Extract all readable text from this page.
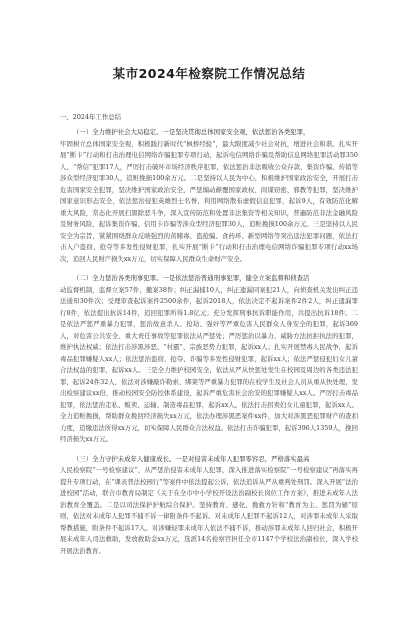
某市2024年检察院工作情况总结
一、2024年工作总结
（一）全力维护社会大局稳定。一是坚决贯彻总体国家安全观，依法惩治各类犯罪，
牢固树立总体国家安全观，积极践行新时代“枫桥经验”，最大限度减少社会对抗，增进社会和谐。扎实开展“断卡”行动和打击治理电信网络诈骗犯罪专项行动，起诉电信网络诈骗及帮助信息网络犯罪活动罪350人、“帮信”犯罪17人，严厉打击破坏市场经济秩序犯罪，依法惩治非法吸收公众存款、集资诈骗、传销等涉众型经济犯罪30人，追赃挽损100余万元。二是坚持以人民为中心，积极维护国家政治安全，开展打击危害国家安全犯罪，坚决维护国家政治安全，严惩煽动颠覆国家政权、间谍窃密、邪教等犯罪，坚决维护国家意识形态安全，依法惩治侵犯英雄烈士名誉、利用网络散布虚假信息犯罪，起诉9人，有效防范化解重大风险，常态化开展扫黑除恶斗争，深入宣传防范和处置非法集资等相关知识，普遍防范非法金融风险及财务风险，起诉集资诈骗、信用卡诈骗等涉众型经济犯罪30人，追赃挽损100余万元。三是坚持以人民安全为宗旨，紧紧围绕群众反映强烈的黄赌毒、盗抢骗、食药环、新型网络等突出违法犯罪问题，依法打击入户盗窃、抢夺等多发性侵财犯罪，扎实开展“断卡”行动和打击治理电信网络诈骗犯罪专项行动xx场次，追回人民财产损失xx万元，切实保障人民群众生命财产安全。
（二）全力惩治各类刑事犯罪。一是依法惩治普通刑事犯罪，健全立案监督和侦查活
动监督机制，监督立案57件，撤案38件；纠正漏捕10人，纠正遗漏同案犯21人，向侦查机关发出纠正违法通知30件次；受理审查起诉案件2500余件，起诉2018人，依法决定不起诉案件2件2人，纠正遗漏罪行8件，依法提出抗诉14件，追回犯罪所得1.8亿元；充分发挥刑事抗诉职能作用，共提出抗诉18件。二是依法严惩严重暴力犯罪，惩治故意杀人、抢劫、强奸等严重危害人民群众人身安全的犯罪，起诉369人，对危害公共安全、重大责任事故等犯罪依法从严惩处；严厉惩治以暴力、威胁方法抗拒执法的犯罪，维护执法权威；依法打击涉黑涉恶、“村霸”、宗族恶势力犯罪，起诉xx人；扎实开展禁毒人民战争，起诉毒品犯罪嫌疑人xx人；依法惩治盗窃、抢夺、诈骗等多发性侵财犯罪，起诉xx人；依法严惩侵犯妇女儿童合法权益的犯罪，起诉xx人。三是全力维护校园安全，依法从严从快惩处发生在校园及周边的各类违法犯罪，起诉24件32人，依法对涉嫌敲诈勒索、绑架等严重暴力犯罪的在校学生及社会人员从重从快处理，发出检察建议xx份，推动校园安全防控体系建设，起诉严重危害社会治安的犯罪嫌疑人xx人。严厉打击毒品犯罪，依法惩治走私、贩卖、运输、制造毒品犯罪，起诉xx人。依法打击拐卖妇女儿童犯罪，起诉xx人。全力追赃挽损，帮助群众挽回经济损失xx万元，依法办理涉黑恶案件xx件，加大对涉黑恶犯罪财产的查扣力度，追缴违法所得xx万元，切实保障人民群众合法权益。依法打击诈骗犯罪，起诉396人1359人，挽回经济损失xx万元。
（三）全力守护未成年人健康成长。一是对侵害未成年人犯罪零容忍，严格落实最高
人民检察院“一号检察建议”，从严惩治侵害未成年人犯罪，深入推进落实检察院“一号检察建议”再落实再提升专项行动，在“课表普法校园行”等案件中依法提起公诉，依法追诉从严从重判处刑罚。深入开展“法治进校园”活动，联合市教育局制定《关于在全市中小学校开设法治副校长岗位工作方案》，推进未成年人法治教育全覆盖。二是以司法保护护航综合保护。坚持教育、感化、挽救方针和“教育为主、惩罚为辅”原则，依法对未成年人犯罪不捕不诉一律附条件不起诉。对未成年人犯罪不起诉12人，对涉罪未成年人采取帮教措施，附条件不起诉17人。对涉嫌轻罪未成年人依法不捕不诉，推动涉罪未成年人回归社会，积极开展未成年人司法救助，发放救助金xx万元，选派14名检察官担任全市1147个学校法治副校长，深入学校开展法治教育。
